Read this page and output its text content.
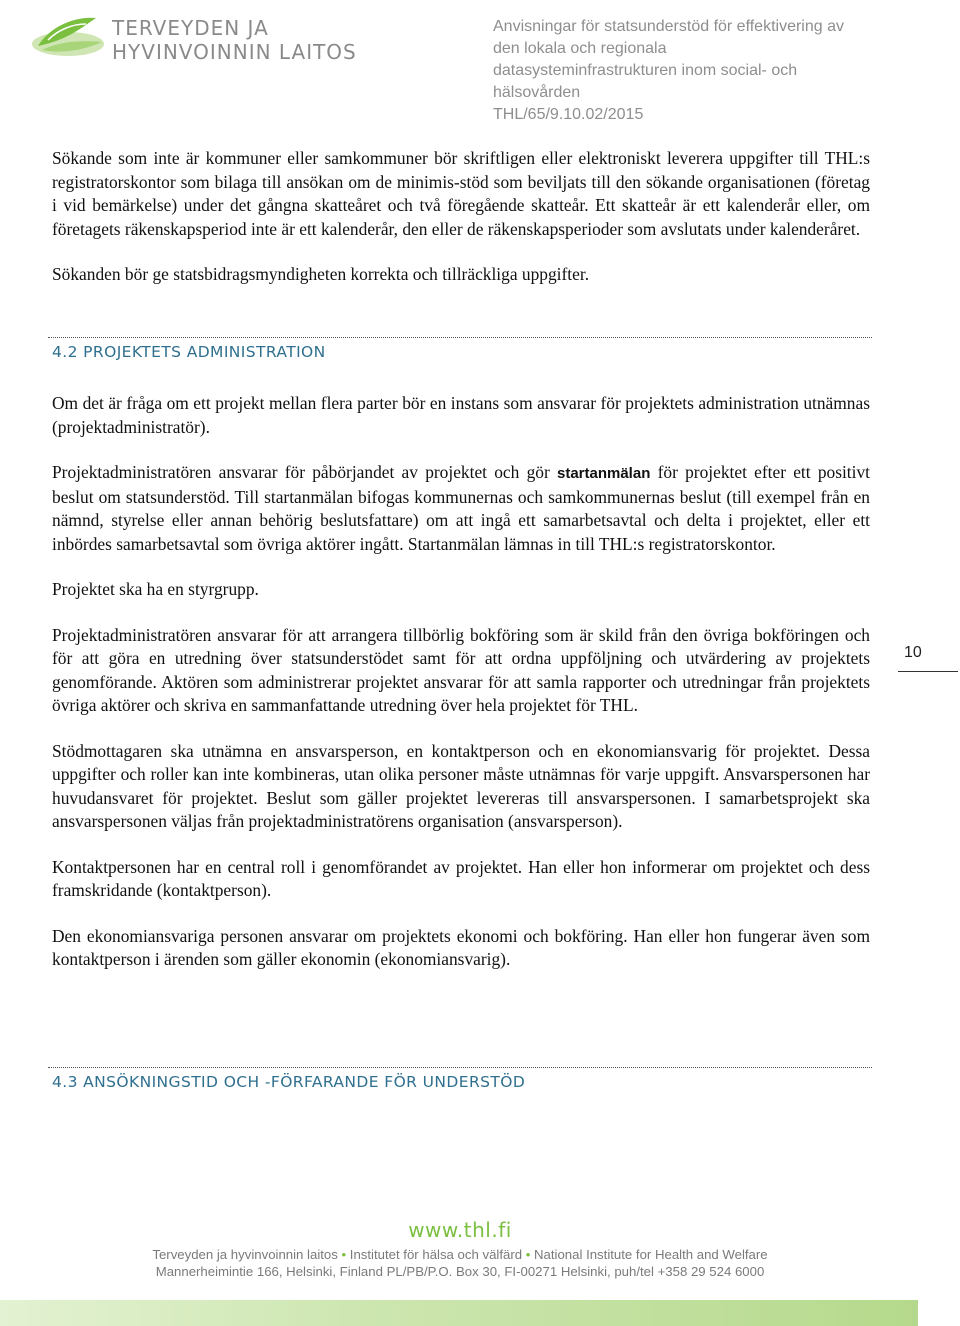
TERVEYDEN JA
HYVINVOINNIN LAITOS
Anvisningar för statsunderstöd för effektivering av
den lokala och regionala
datasysteminfrastrukturen inom social- och
hälsovården
THL/65/9.10.02/2015

Sökande som inte är kommuner eller samkommuner bör skriftligen eller elektroniskt leverera uppgifter till THL:s registratorskontor som bilaga till ansökan om de minimis-stöd som beviljats till den sökande organisationen (företag i vid bemärkelse) under det gångna skatteåret och två föregående skatteår. Ett skatteår är ett kalenderår eller, om företagets räkenskapsperiod inte är ett kalenderår, den eller de räkenskapsperioder som avslutats under kalenderåret.

Sökanden bör ge statsbidragsmyndigheten korrekta och tillräckliga uppgifter.

4.2 PROJEKTETS ADMINISTRATION

Om det är fråga om ett projekt mellan flera parter bör en instans som ansvarar för projektets administration utnämnas (projektadministratör).

Projektadministratören ansvarar för påbörjandet av projektet och gör startanmälan för projektet efter ett positivt beslut om statsunderstöd. Till startanmälan bifogas kommunernas och samkommunernas beslut (till exempel från en nämnd, styrelse eller annan behörig beslutsfattare) om att ingå ett samarbetsavtal och delta i projektet, eller ett inbördes samarbetsavtal som övriga aktörer ingått. Startanmälan lämnas in till THL:s registratorskontor.

Projektet ska ha en styrgrupp.

Projektadministratören ansvarar för att arrangera tillbörlig bokföring som är skild från den övriga bokföringen och för att göra en utredning över statsunderstödet samt för att ordna uppföljning och utvärdering av projektets genomförande. Aktören som administrerar projektet ansvarar för att samla rapporter och utredningar från projektets övriga aktörer och skriva en sammanfattande utredning över hela projektet för THL.

Stödmottagaren ska utnämna en ansvarsperson, en kontaktperson och en ekonomiansvarig för projektet. Dessa uppgifter och roller kan inte kombineras, utan olika personer måste utnämnas för varje uppgift. Ansvarspersonen har huvudansvaret för projektet. Beslut som gäller projektet levereras till ansvarspersonen. I samarbetsprojekt ska ansvarspersonen väljas från projektadministratörens organisation (ansvarsperson).

Kontaktpersonen har en central roll i genomförandet av projektet. Han eller hon informerar om projektet och dess framskridande (kontaktperson).

Den ekonomiansvariga personen ansvarar om projektets ekonomi och bokföring. Han eller hon fungerar även som kontaktperson i ärenden som gäller ekonomin (ekonomiansvarig).

4.3 ANSÖKNINGSTID OCH -FÖRFARANDE FÖR UNDERSTÖD
10
www.thl.fi
Terveyden ja hyvinvoinnin laitos • Institutet för hälsa och välfärd • National Institute for Health and Welfare
Mannerheimintie 166, Helsinki, Finland PL/PB/P.O. Box 30, FI-00271 Helsinki, puh/tel +358 29 524 6000
